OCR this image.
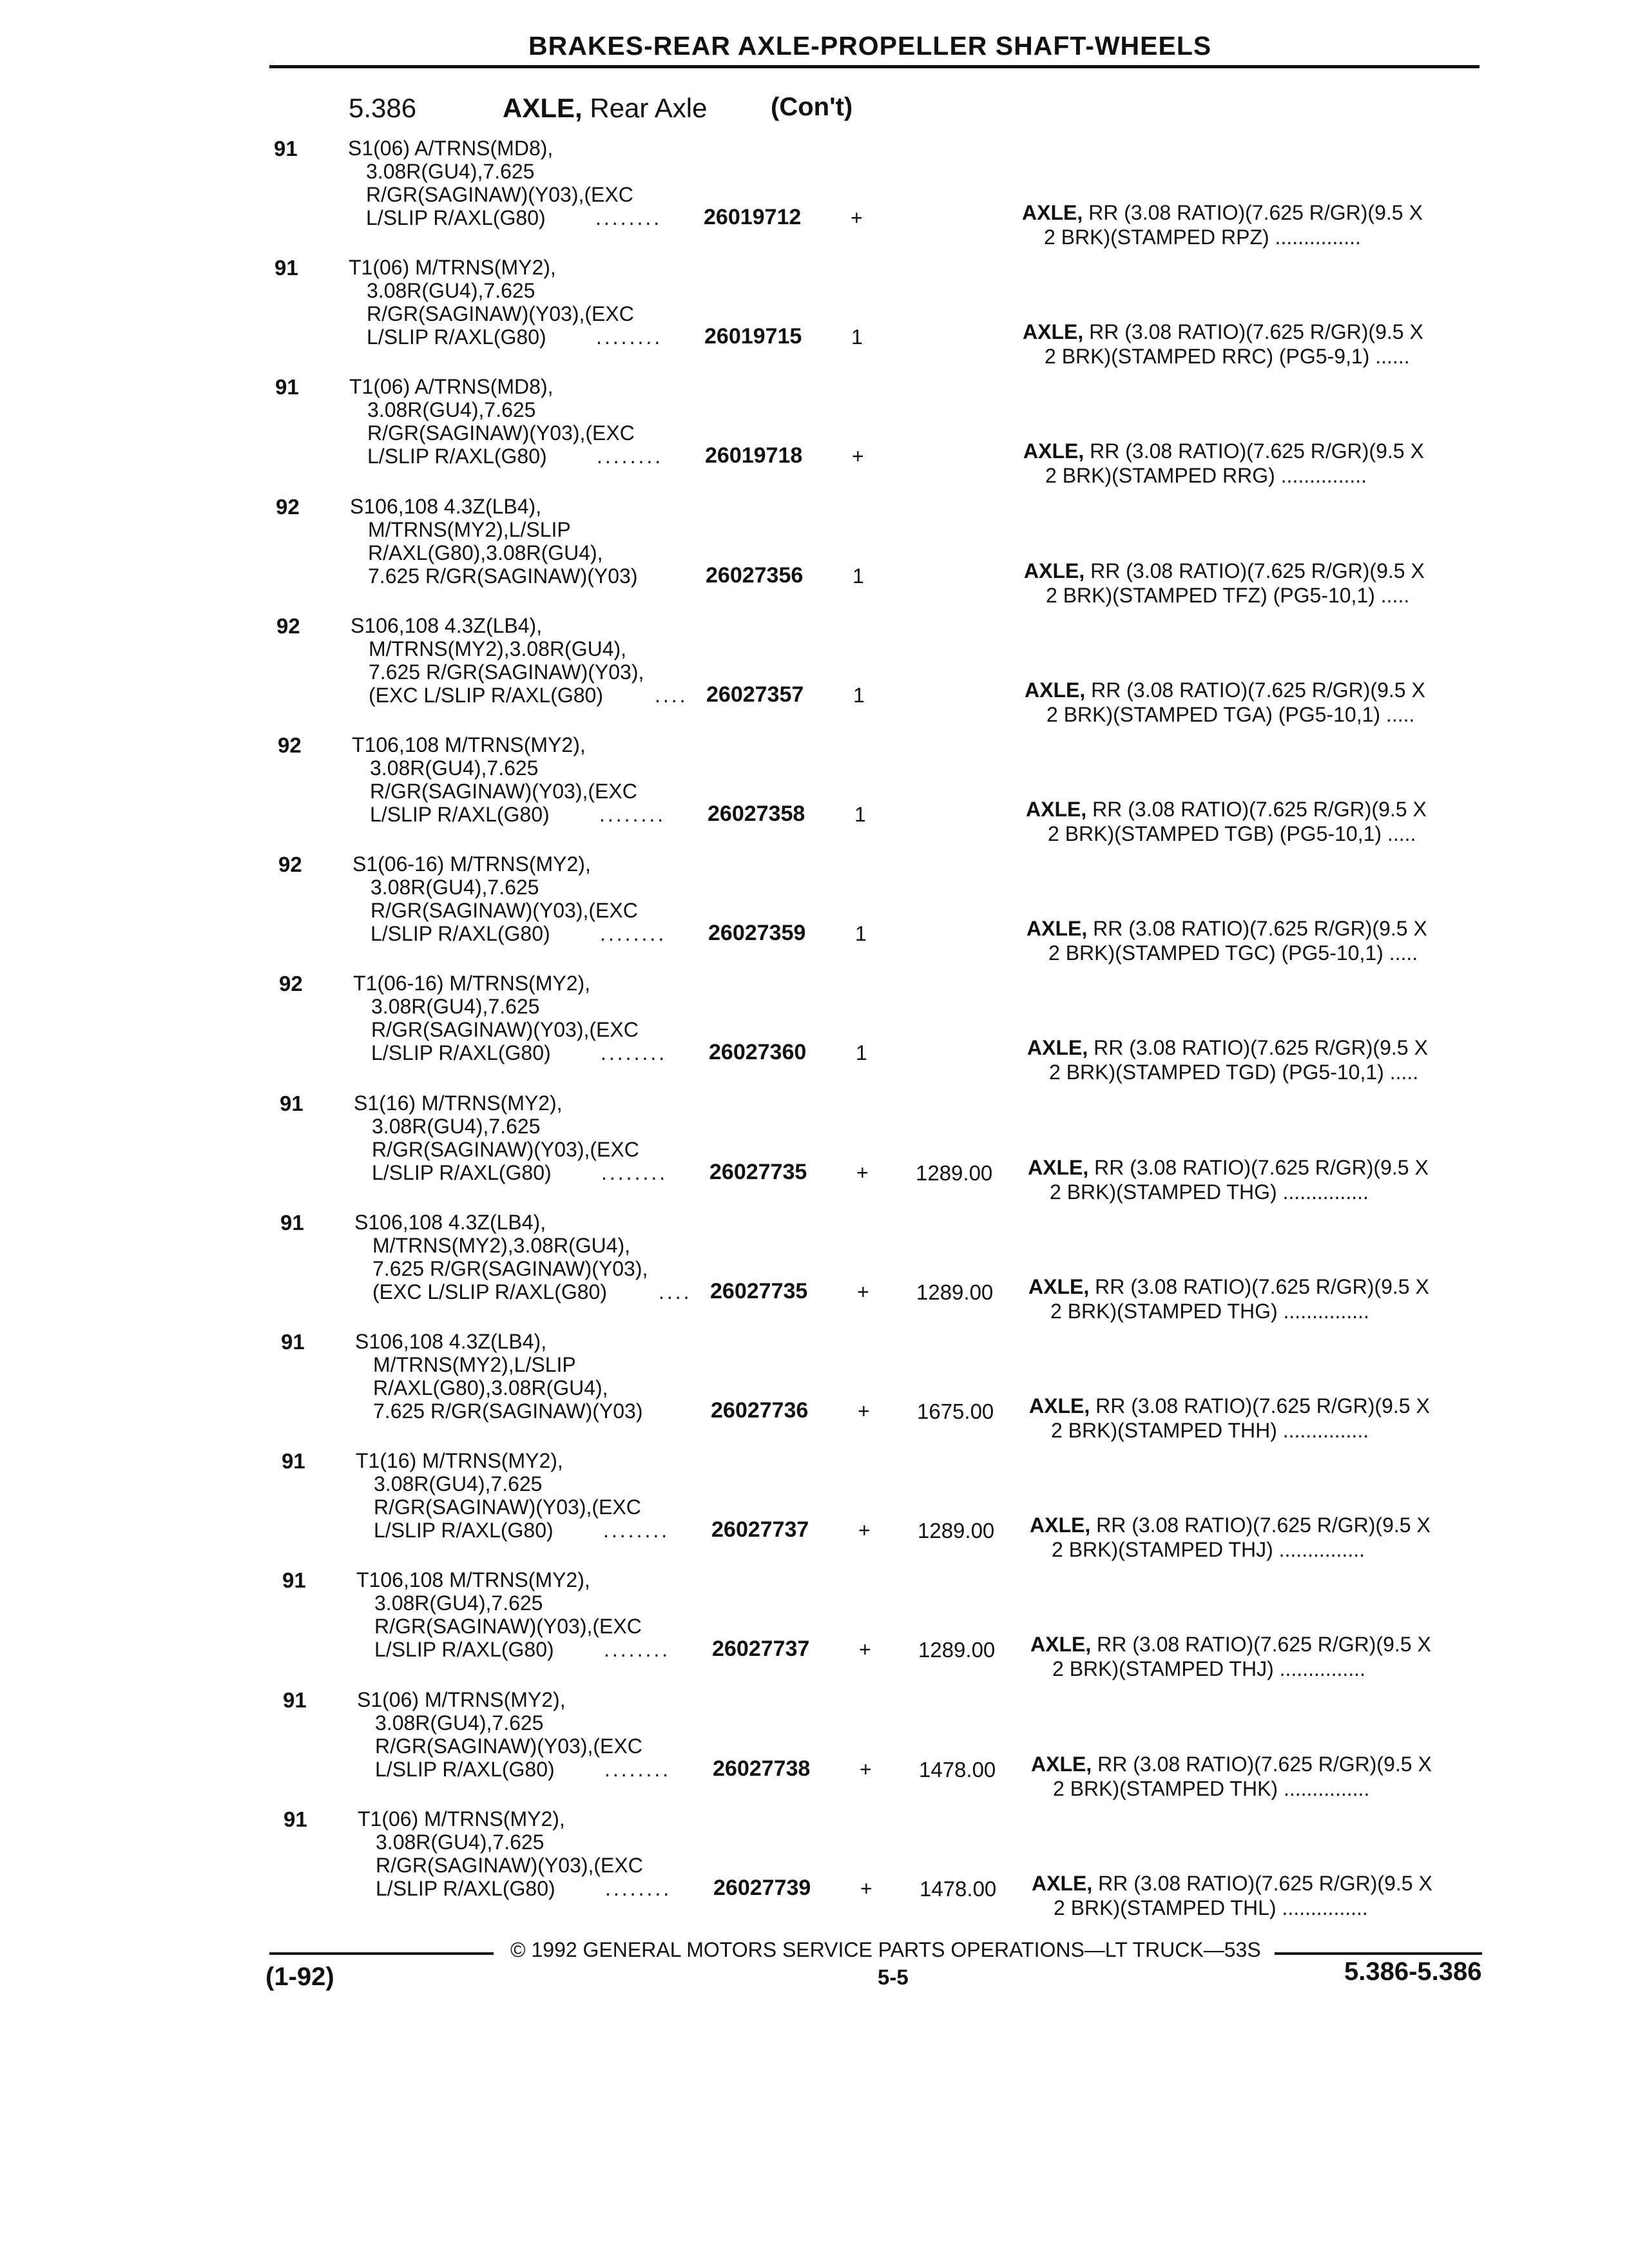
BRAKES-REAR AXLE-PROPELLER SHAFT-WHEELS
5.386	AXLE, Rear Axle (Con't)
91 S1(06) A/TRNS(MD8),
3.08R(GU4),7.625
R/GR(SAGINAW)(Y03),(EXC
L/SLIP R/AXL(G80) ........ 26019712 +	AXLE, RR (3.08 RATIO)(7.625 R/GR)(9.5 X
2 BRK)(STAMPED RPZ) ...............
91 T1(06) M/TRNS(MY2),
3.08R(GU4),7.625
R/GR(SAGINAW)(Y03),(EXC
L/SLIP R/AXL(G80) ........ 26019715 1	AXLE, RR (3.08 RATIO)(7.625 R/GR)(9.5 X
2 BRK)(STAMPED RRC) (PG5-9,1) ......
91 T1(06) A/TRNS(MD8),
3.08R(GU4),7.625
R/GR(SAGINAW)(Y03),(EXC
L/SLIP R/AXL(G80) ........ 26019718 +	AXLE, RR (3.08 RATIO)(7.625 R/GR)(9.5 X
2 BRK)(STAMPED RRG) ...............
92 S106,108 4.3Z(LB4),
M/TRNS(MY2),L/SLIP
R/AXL(G80),3.08R(GU4),
7.625 R/GR(SAGINAW)(Y03)	26027356 1	AXLE, RR (3.08 RATIO)(7.625 R/GR)(9.5 X
2 BRK)(STAMPED TFZ) (PG5-10,1) .....
92 S106,108 4.3Z(LB4),
M/TRNS(MY2),3.08R(GU4),
7.625 R/GR(SAGINAW)(Y03),
(EXC L/SLIP R/AXL(G80)	.... 26027357 1	AXLE, RR (3.08 RATIO)(7.625 R/GR)(9.5 X
2 BRK)(STAMPED TGA) (PG5-10,1) .....
92 T106,108 M/TRNS(MY2),
3.08R(GU4),7.625
R/GR(SAGINAW)(Y03),(EXC
L/SLIP R/AXL(G80) ........ 26027358 1	AXLE, RR (3.08 RATIO)(7.625 R/GR)(9.5 X
2 BRK)(STAMPED TGB) (PG5-10,1) .....
92 S1(06-16) M/TRNS(MY2),
3.08R(GU4),7.625
R/GR(SAGINAW)(Y03),(EXC
L/SLIP R/AXL(G80) ........ 26027359 1	AXLE, RR (3.08 RATIO)(7.625 R/GR)(9.5 X
2 BRK)(STAMPED TGC) (PG5-10,1) .....
92 T1(06-16) M/TRNS(MY2),
3.08R(GU4),7.625
R/GR(SAGINAW)(Y03),(EXC
L/SLIP R/AXL(G80) ........ 26027360 1	AXLE, RR (3.08 RATIO)(7.625 R/GR)(9.5 X
2 BRK)(STAMPED TGD) (PG5-10,1) .....
91 S1(16) M/TRNS(MY2),
3.08R(GU4),7.625
R/GR(SAGINAW)(Y03),(EXC
L/SLIP R/AXL(G80) ........ 26027735 + 1289.00 AXLE, RR (3.08 RATIO)(7.625 R/GR)(9.5 X
2 BRK)(STAMPED THG) ...............
91 S106,108 4.3Z(LB4),
M/TRNS(MY2),3.08R(GU4),
7.625 R/GR(SAGINAW)(Y03),
(EXC L/SLIP R/AXL(G80)	.... 26027735 + 1289.00 AXLE, RR (3.08 RATIO)(7.625 R/GR)(9.5 X
2 BRK)(STAMPED THG) ...............
91 S106,108 4.3Z(LB4),
M/TRNS(MY2),L/SLIP
R/AXL(G80),3.08R(GU4),
7.625 R/GR(SAGINAW)(Y03)	26027736 + 1675.00 AXLE, RR (3.08 RATIO)(7.625 R/GR)(9.5 X
2 BRK)(STAMPED THH) ...............
91 T1(16) M/TRNS(MY2),
3.08R(GU4),7.625
R/GR(SAGINAW)(Y03),(EXC
L/SLIP R/AXL(G80) ........ 26027737 + 1289.00 AXLE, RR (3.08 RATIO)(7.625 R/GR)(9.5 X
2 BRK)(STAMPED THJ) ...............
91 T106,108 M/TRNS(MY2),
3.08R(GU4),7.625
R/GR(SAGINAW)(Y03),(EXC
L/SLIP R/AXL(G80) ........ 26027737 + 1289.00 AXLE, RR (3.08 RATIO)(7.625 R/GR)(9.5 X
2 BRK)(STAMPED THJ) ...............
91 S1(06) M/TRNS(MY2),
3.08R(GU4),7.625
R/GR(SAGINAW)(Y03),(EXC
L/SLIP R/AXL(G80) ........ 26027738 + 1478.00 AXLE, RR (3.08 RATIO)(7.625 R/GR)(9.5 X
2 BRK)(STAMPED THK) ...............
91 T1(06) M/TRNS(MY2),
3.08R(GU4),7.625
R/GR(SAGINAW)(Y03),(EXC
L/SLIP R/AXL(G80) ........ 26027739 + 1478.00 AXLE, RR (3.08 RATIO)(7.625 R/GR)(9.5 X
2 BRK)(STAMPED THL) ...............
© 1992 GENERAL MOTORS SERVICE PARTS OPERATIONS—LT TRUCK—53S
(1-92)	5-5	5.386-5.386
